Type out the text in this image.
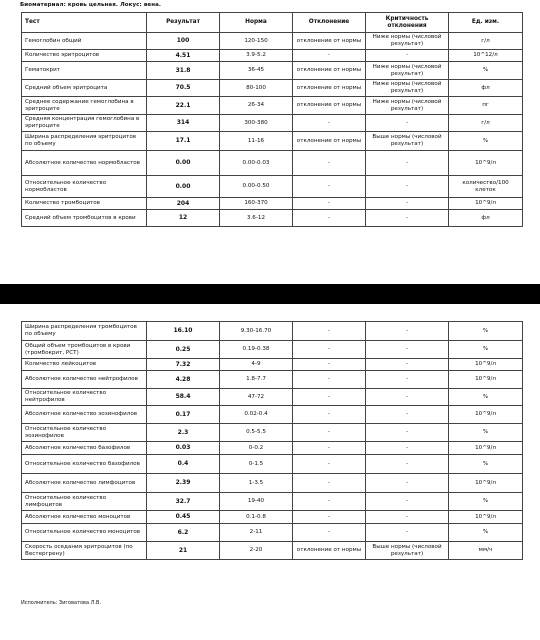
Биоматериал: кровь цельная. Локус: вена.
Тест	Результат	Норма	Отклонение	Критичность отклонения	Ед. изм.
Гемоглобин общий	100	120-150	отклонение от нормы	Ниже нормы (числовой результат)	г/л
Количество эритроцитов	4.51	3.9-5.2	-	-	10^12/л
Гематокрит	31.8	36-45	отклонение от нормы	Ниже нормы (числовой результат)	%
Средний объем эритроцита	70.5	80-100	отклонение от нормы	Ниже нормы (числовой результат)	фл
Среднее содержание гемоглобина в эритроците	22.1	26-34	отклонение от нормы	Ниже нормы (числовой результат)	пг
Средняя концентрация гемоглобина в эритроците	314	300-380	-	-	г/л
Ширина распределения эритроцитов по объему	17.1	11-16	отклонение от нормы	Выше нормы (числовой результат)	%
Абсолютное количество нормобластов	0.00	0.00-0.03	-	-	10^9/л
Относительное количество нормобластов	0.00	0.00-0.50	-	-	количество/100 клеток
Количество тромбоцитов	204	160-370	-	-	10^9/л
Средний объем тромбоцитов в крови	12	3.6-12	-	-	фл
Ширина распределения тромбоцитов по объему	16.10	9.30-16.70	-	-	%
Общий объем тромбоцитов в крови (тромбокрит, PCT)	0.25	0.19-0.38	-	-	%
Количество лейкоцитов	7.32	4-9	-	-	10^9/л
Абсолютное количество нейтрофилов	4.28	1.8-7.7	-	-	10^9/л
Относительное количество нейтрофилов	58.4	47-72	-	-	%
Абсолютное количество эозинофилов	0.17	0.02-0.4	-	-	10^9/л
Относительное количество эозинофилов	2.3	0.5-5.5	-	-	%
Абсолютное количество базофилов	0.03	0-0.2	-	-	10^9/л
Относительное количество базофилов	0.4	0-1.5	-	-	%
Абсолютное количество лимфоцитов	2.39	1-3.5	-	-	10^9/л
Относительное количество лимфоцитов	32.7	19-40	-	-	%
Абсолютное количество моноцитов	0.45	0.1-0.8	-	-	10^9/л
Относительное количество моноцитов	6.2	2-11	-	-	%
Скорость оседания эритроцитов (по Вестергрену)	21	2-20	отклонение от нормы	Выше нормы (числовой результат)	мм/ч
Исполнитель: Зиговатова Л.В.
